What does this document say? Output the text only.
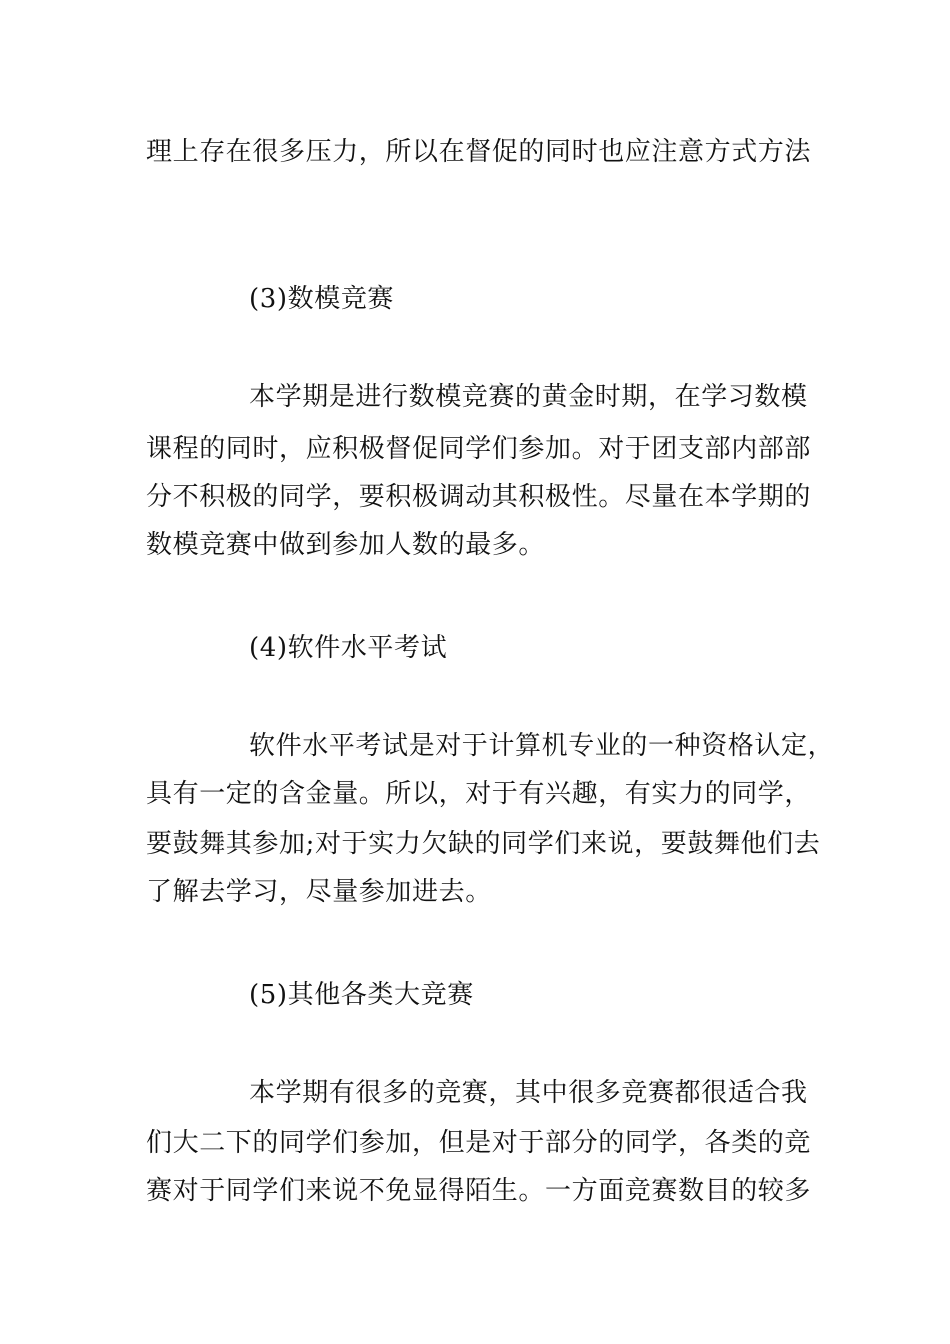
理上存在很多压力，所以在督促的同时也应注意方式方法
(3)数模竞赛
本学期是进行数模竞赛的黄金时期，在学习数模
课程的同时，应积极督促同学们参加。对于团支部内部部
分不积极的同学，要积极调动其积极性。尽量在本学期的
数模竞赛中做到参加人数的最多。
(4)软件水平考试
软件水平考试是对于计算机专业的一种资格认定，
具有一定的含金量。所以，对于有兴趣，有实力的同学，
要鼓舞其参加;对于实力欠缺的同学们来说，要鼓舞他们去
了解去学习，尽量参加进去。
(5)其他各类大竞赛
本学期有很多的竞赛，其中很多竞赛都很适合我
们大二下的同学们参加，但是对于部分的同学，各类的竞
赛对于同学们来说不免显得陌生。一方面竞赛数目的较多
